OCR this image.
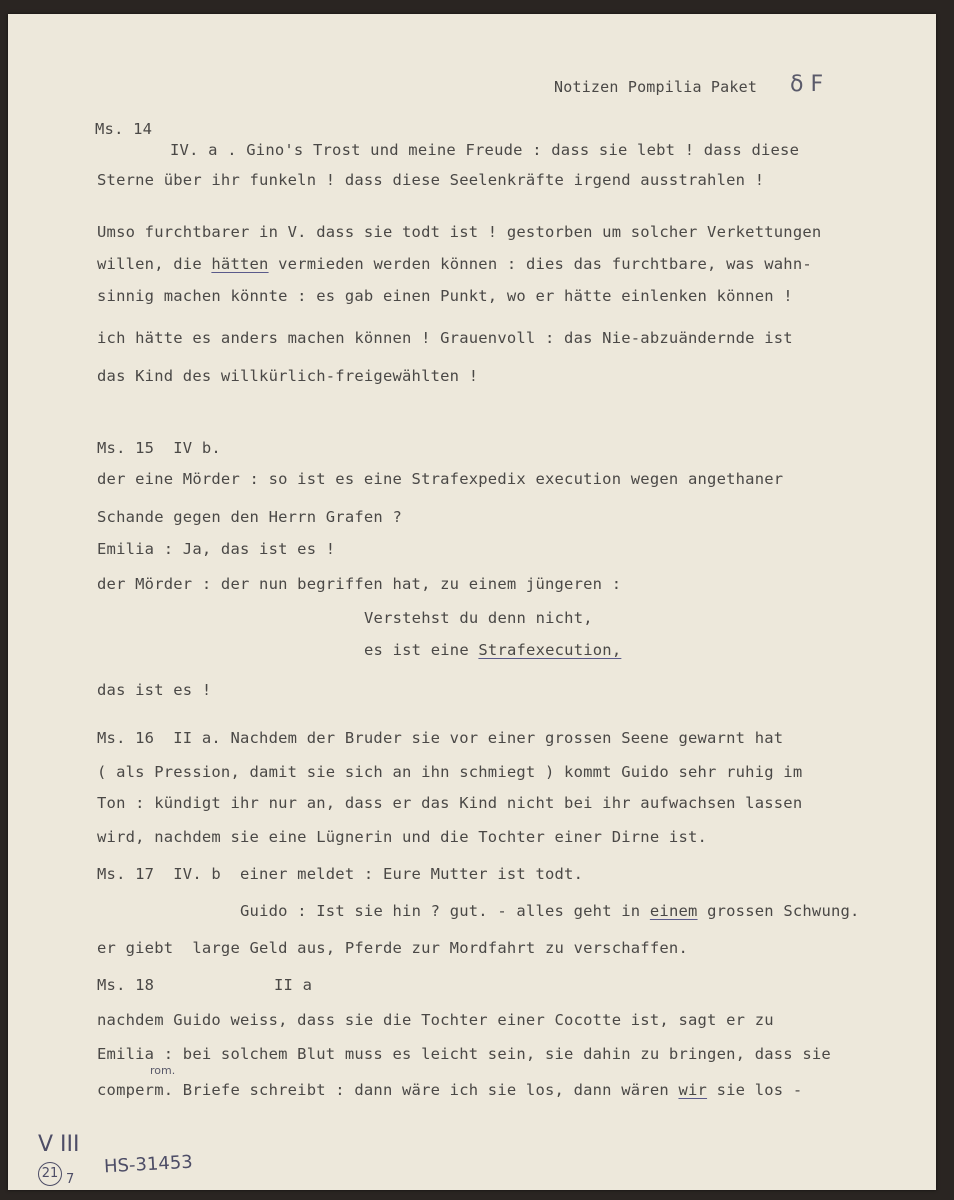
Notizen Pompilia Paket δ F
Ms. 14
IV. a . Gino's Trost und meine Freude : dass sie lebt ! dass diese
Sterne über ihr funkeln ! dass diese Seelenkräfte irgend ausstrahlen !
Umso furchtbarer in V. dass sie todt ist ! gestorben um solcher Verkettungen
willen, die hätten vermieden werden können : dies das furchtbare, was wahn-
sinnig machen könnte : es gab einen Punkt, wo er hätte einlenken können !
ich hätte es anders machen können ! Grauenvoll : das Nie-abzuändernde ist
das Kind des willkürlich-freigewählten !
Ms. 15  IV b.
der eine Mörder : so ist es eine Strafexpedix execution wegen angethaner
Schande gegen den Herrn Grafen ?
Emilia : Ja, das ist es !
der Mörder : der nun begriffen hat, zu einem jüngeren :
Verstehst du denn nicht,
es ist eine Strafexecution,
das ist es !
Ms. 16  II a. Nachdem der Bruder sie vor einer grossen Seene gewarnt hat
( als Pression, damit sie sich an ihn schmiegt ) kommt Guido sehr ruhig im
Ton : kündigt ihr nur an, dass er das Kind nicht bei ihr aufwachsen lassen
wird, nachdem sie eine Lügnerin und die Tochter einer Dirne ist.
Ms. 17  IV. b  einer meldet : Eure Mutter ist todt.
Guido : Ist sie hin ? gut. - alles geht in einem grossen Schwung.
er giebt  large Geld aus, Pferde zur Mordfahrt zu verschaffen.
Ms. 18	II a
nachdem Guido weiss, dass sie die Tochter einer Cocotte ist, sagt er zu
Emilia : bei solchem Blut muss es leicht sein, sie dahin zu bringen, dass sie
rom.
comperm. Briefe schreibt : dann wäre ich sie los, dann wären wir sie los -
V III
21 7
HS-31453
